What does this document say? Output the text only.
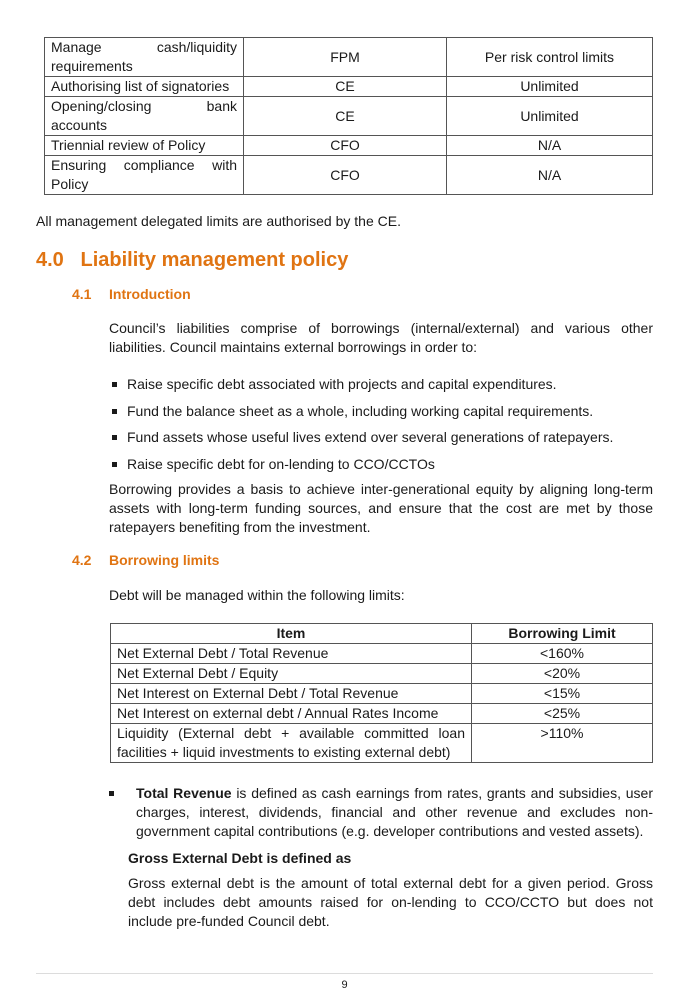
Manage cash/liquidity requirements	FPM	Per risk control limits
Authorising list of signatories	CE	Unlimited
Opening/closing bank accounts	CE	Unlimited
Triennial review of Policy	CFO	N/A
Ensuring compliance with Policy	CFO	N/A
All management delegated limits are authorised by the CE.
4.0 Liability management policy
4.1 Introduction
Council’s liabilities comprise of borrowings (internal/external) and various other liabilities. Council maintains external borrowings in order to:
Raise specific debt associated with projects and capital expenditures.
Fund the balance sheet as a whole, including working capital requirements.
Fund assets whose useful lives extend over several generations of ratepayers.
Raise specific debt for on-lending to CCO/CCTOs
Borrowing provides a basis to achieve inter-generational equity by aligning long-term assets with long-term funding sources, and ensure that the cost are met by those ratepayers benefiting from the investment.
4.2 Borrowing limits
Debt will be managed within the following limits:
Item	Borrowing Limit
Net External Debt / Total Revenue	<160%
Net External Debt / Equity	<20%
Net Interest on External Debt / Total Revenue	<15%
Net Interest on external debt / Annual Rates Income	<25%
Liquidity (External debt + available committed loan facilities + liquid investments to existing external debt)	>110%
Total Revenue is defined as cash earnings from rates, grants and subsidies, user charges, interest, dividends, financial and other revenue and excludes non-government capital contributions (e.g. developer contributions and vested assets).
Gross External Debt is defined as
Gross external debt is the amount of total external debt for a given period. Gross debt includes debt amounts raised for on-lending to CCO/CCTO but does not include pre-funded Council debt.
9
